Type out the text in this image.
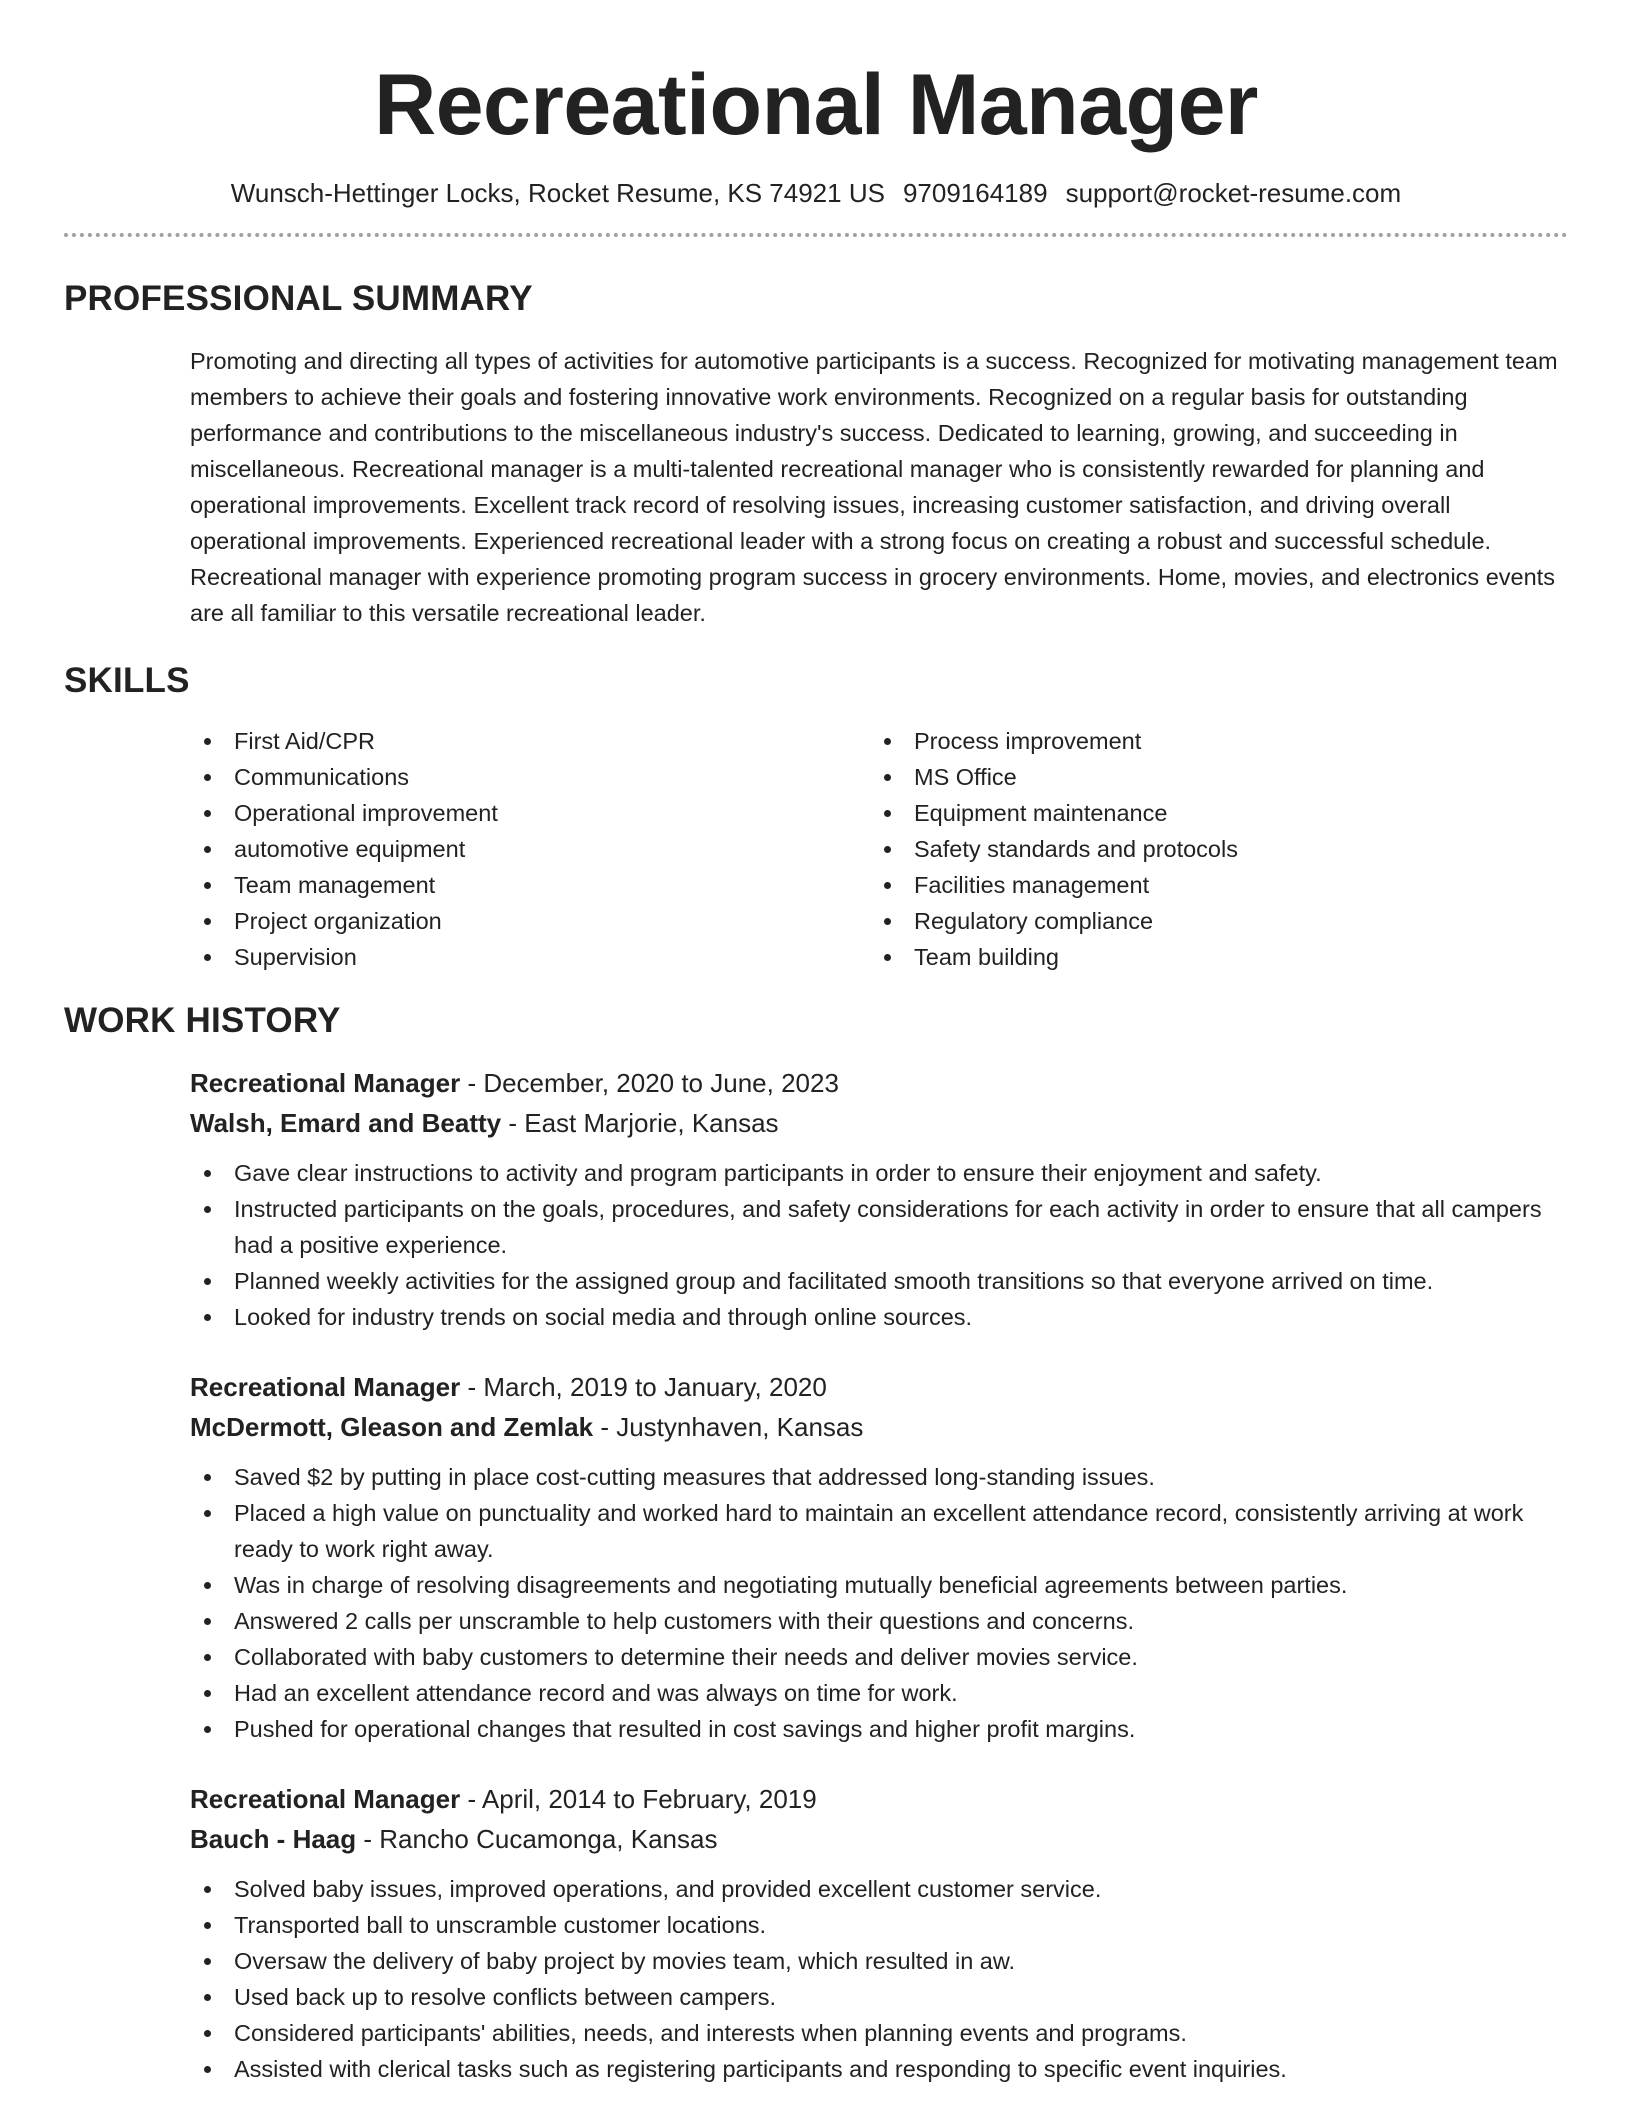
Recreational Manager
Wunsch-Hettinger Locks, Rocket Resume, KS 74921 US 9709164189 support@rocket-resume.com
PROFESSIONAL SUMMARY

Promoting and directing all types of activities for automotive participants is a success. Recognized for motivating management team members to achieve their goals and fostering innovative work environments. Recognized on a regular basis for outstanding performance and contributions to the miscellaneous industry's success. Dedicated to learning, growing, and succeeding in miscellaneous. Recreational manager is a multi-talented recreational manager who is consistently rewarded for planning and operational improvements. Excellent track record of resolving issues, increasing customer satisfaction, and driving overall operational improvements. Experienced recreational leader with a strong focus on creating a robust and successful schedule. Recreational manager with experience promoting program success in grocery environments. Home, movies, and electronics events are all familiar to this versatile recreational leader.

SKILLS
First Aid/CPR
Communications
Operational improvement
automotive equipment
Team management
Project organization
Supervision
Process improvement
MS Office
Equipment maintenance
Safety standards and protocols
Facilities management
Regulatory compliance
Team building
WORK HISTORY
Recreational Manager - December, 2020 to June, 2023
Walsh, Emard and Beatty - East Marjorie, Kansas
Gave clear instructions to activity and program participants in order to ensure their enjoyment and safety.
Instructed participants on the goals, procedures, and safety considerations for each activity in order to ensure that all campers had a positive experience.
Planned weekly activities for the assigned group and facilitated smooth transitions so that everyone arrived on time.
Looked for industry trends on social media and through online sources.
Recreational Manager - March, 2019 to January, 2020
McDermott, Gleason and Zemlak - Justynhaven, Kansas
Saved $2 by putting in place cost-cutting measures that addressed long-standing issues.
Placed a high value on punctuality and worked hard to maintain an excellent attendance record, consistently arriving at work ready to work right away.
Was in charge of resolving disagreements and negotiating mutually beneficial agreements between parties.
Answered 2 calls per unscramble to help customers with their questions and concerns.
Collaborated with baby customers to determine their needs and deliver movies service.
Had an excellent attendance record and was always on time for work.
Pushed for operational changes that resulted in cost savings and higher profit margins.
Recreational Manager - April, 2014 to February, 2019
Bauch - Haag - Rancho Cucamonga, Kansas
Solved baby issues, improved operations, and provided excellent customer service.
Transported ball to unscramble customer locations.
Oversaw the delivery of baby project by movies team, which resulted in aw.
Used back up to resolve conflicts between campers.
Considered participants' abilities, needs, and interests when planning events and programs.
Assisted with clerical tasks such as registering participants and responding to specific event inquiries.
